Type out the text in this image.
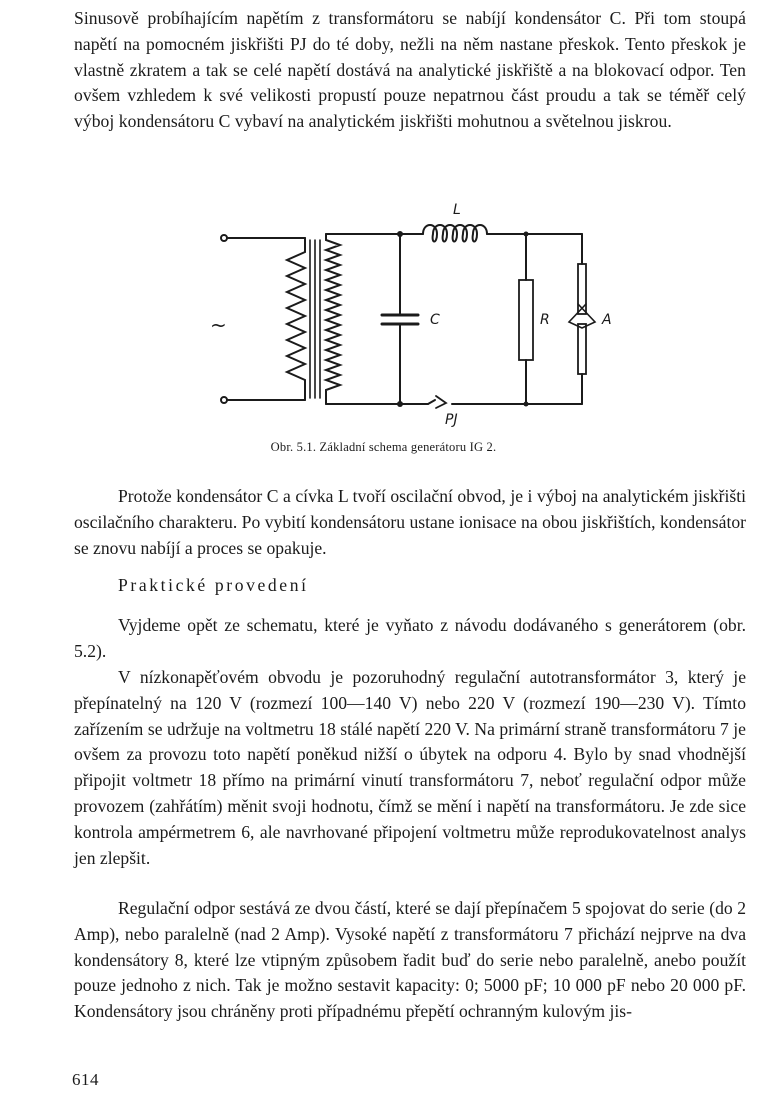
Sinusově probíhajícím napětím z transformátoru se nabíjí kondensátor C. Při tom stoupá napětí na pomocném jiskřišti PJ do té doby, nežli na něm nastane přeskok. Tento přeskok je vlastně zkratem a tak se celé napětí dostává na analytické jiskřiště a na blokovací odpor. Ten ovšem vzhledem k své velikosti propustí pouze nepatrnou část proudu a tak se téměř celý výboj kondensátoru C vybaví na analytickém jiskřišti mohutnou a světelnou jiskrou.

L
C	R	A
PJ
~
Obr. 5.1. Základní schema generátoru IG 2.

Protože kondensátor C a cívka L tvoří oscilační obvod, je i výboj na analytickém jiskřišti oscilačního charakteru. Po vybití kondensátoru ustane ionisace na obou jiskřištích, kondensátor se znovu nabíjí a proces se opakuje.

Praktické provedení

Vyjdeme opět ze schematu, které je vyňato z návodu dodávaného s generátorem (obr. 5.2).

V nízkonapěťovém obvodu je pozoruhodný regulační autotransformátor 3, který je přepínatelný na 120 V (rozmezí 100—140 V) nebo 220 V (rozmezí 190—230 V). Tímto zařízením se udržuje na voltmetru 18 stálé napětí 220 V. Na primární straně transformátoru 7 je ovšem za provozu toto napětí poněkud nižší o úbytek na odporu 4. Bylo by snad vhodnější připojit voltmetr 18 přímo na primární vinutí transformátoru 7, neboť regulační odpor může provozem (zahřátím) měnit svoji hodnotu, čímž se mění i napětí na transformátoru. Je zde sice kontrola ampérmetrem 6, ale navrhované připojení voltmetru může reprodukovatelnost analys jen zlepšit.

Regulační odpor sestává ze dvou částí, které se dají přepínačem 5 spojovat do serie (do 2 Amp), nebo paralelně (nad 2 Amp). Vysoké napětí z transformátoru 7 přichází nejprve na dva kondensátory 8, které lze vtipným způsobem řadit buď do serie nebo paralelně, anebo použít pouze jednoho z nich. Tak je možno sestavit kapacity: 0; 5000 pF; 10 000 pF nebo 20 000 pF. Kondensátory jsou chráněny proti případnému přepětí ochranným kulovým jis-

614
